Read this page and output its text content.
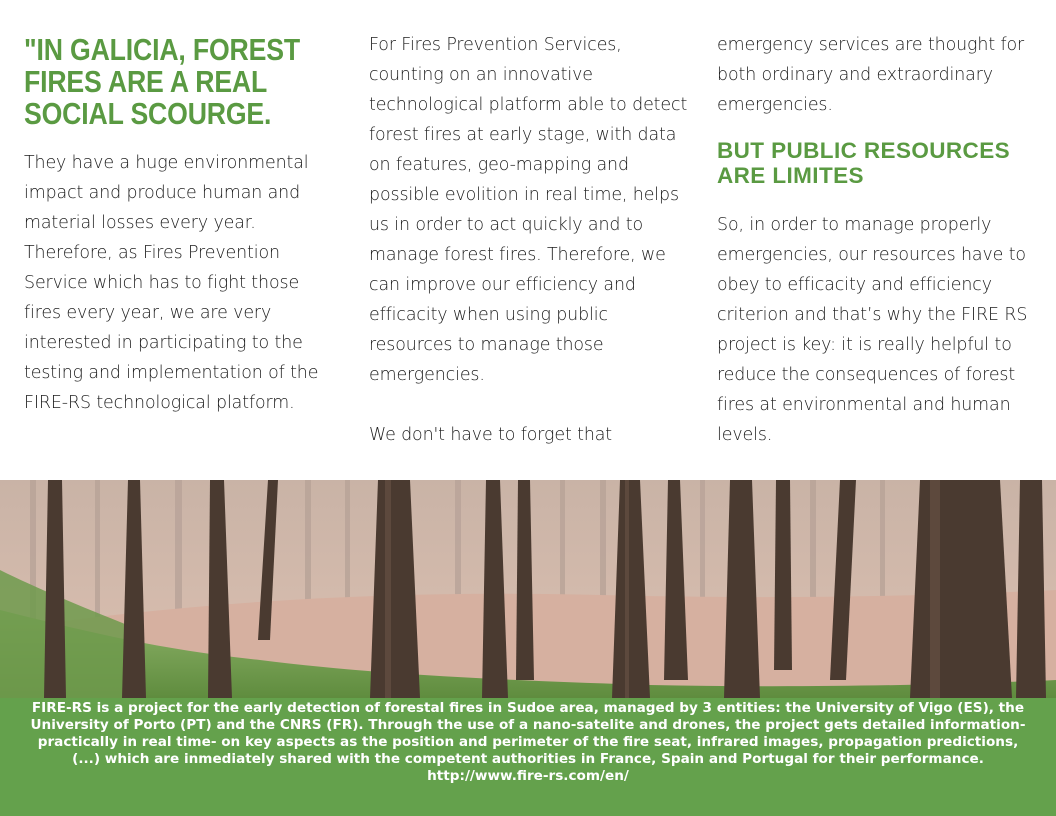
"IN GALICIA, FOREST FIRES ARE A REAL SOCIAL SCOURGE.

They have a huge environmental impact and produce human and material losses every year. Therefore, as Fires Prevention Service which has to fight those fires every year, we are very interested in participating to the testing and implementation of the FIRE-RS technological platform.

For Fires Prevention Services, counting on an innovative technological platform able to detect forest fires at early stage, with data on features, geo-mapping and possible evolition in real time, helps us in order to act quickly and to manage forest fires. Therefore, we can improve our efficiency and efficacity when using public resources to manage those emergencies.

We don't have to forget that

emergency services are thought for both ordinary and extraordinary emergencies.

BUT PUBLIC RESOURCES ARE LIMITES

So, in order to manage properly emergencies, our resources have to obey to efficacity and efficiency criterion and that’s why the FIRE RS project is key: it is really helpful to reduce the consequences of forest fires at environmental and human levels.

FIRE-RS is a project for the early detection of forestal fires in Sudoe area, managed by 3 entities: the University of Vigo (ES), the University of Porto (PT) and the CNRS (FR). Through the use of a nano-satelite and drones, the project gets detailed information- practically in real time- on key aspects as the position and perimeter of the fire seat, infrared images, propagation predictions, (...) which are inmediately shared with the competent authorities in France, Spain and Portugal for their performance.

http://www.fire-rs.com/en/
